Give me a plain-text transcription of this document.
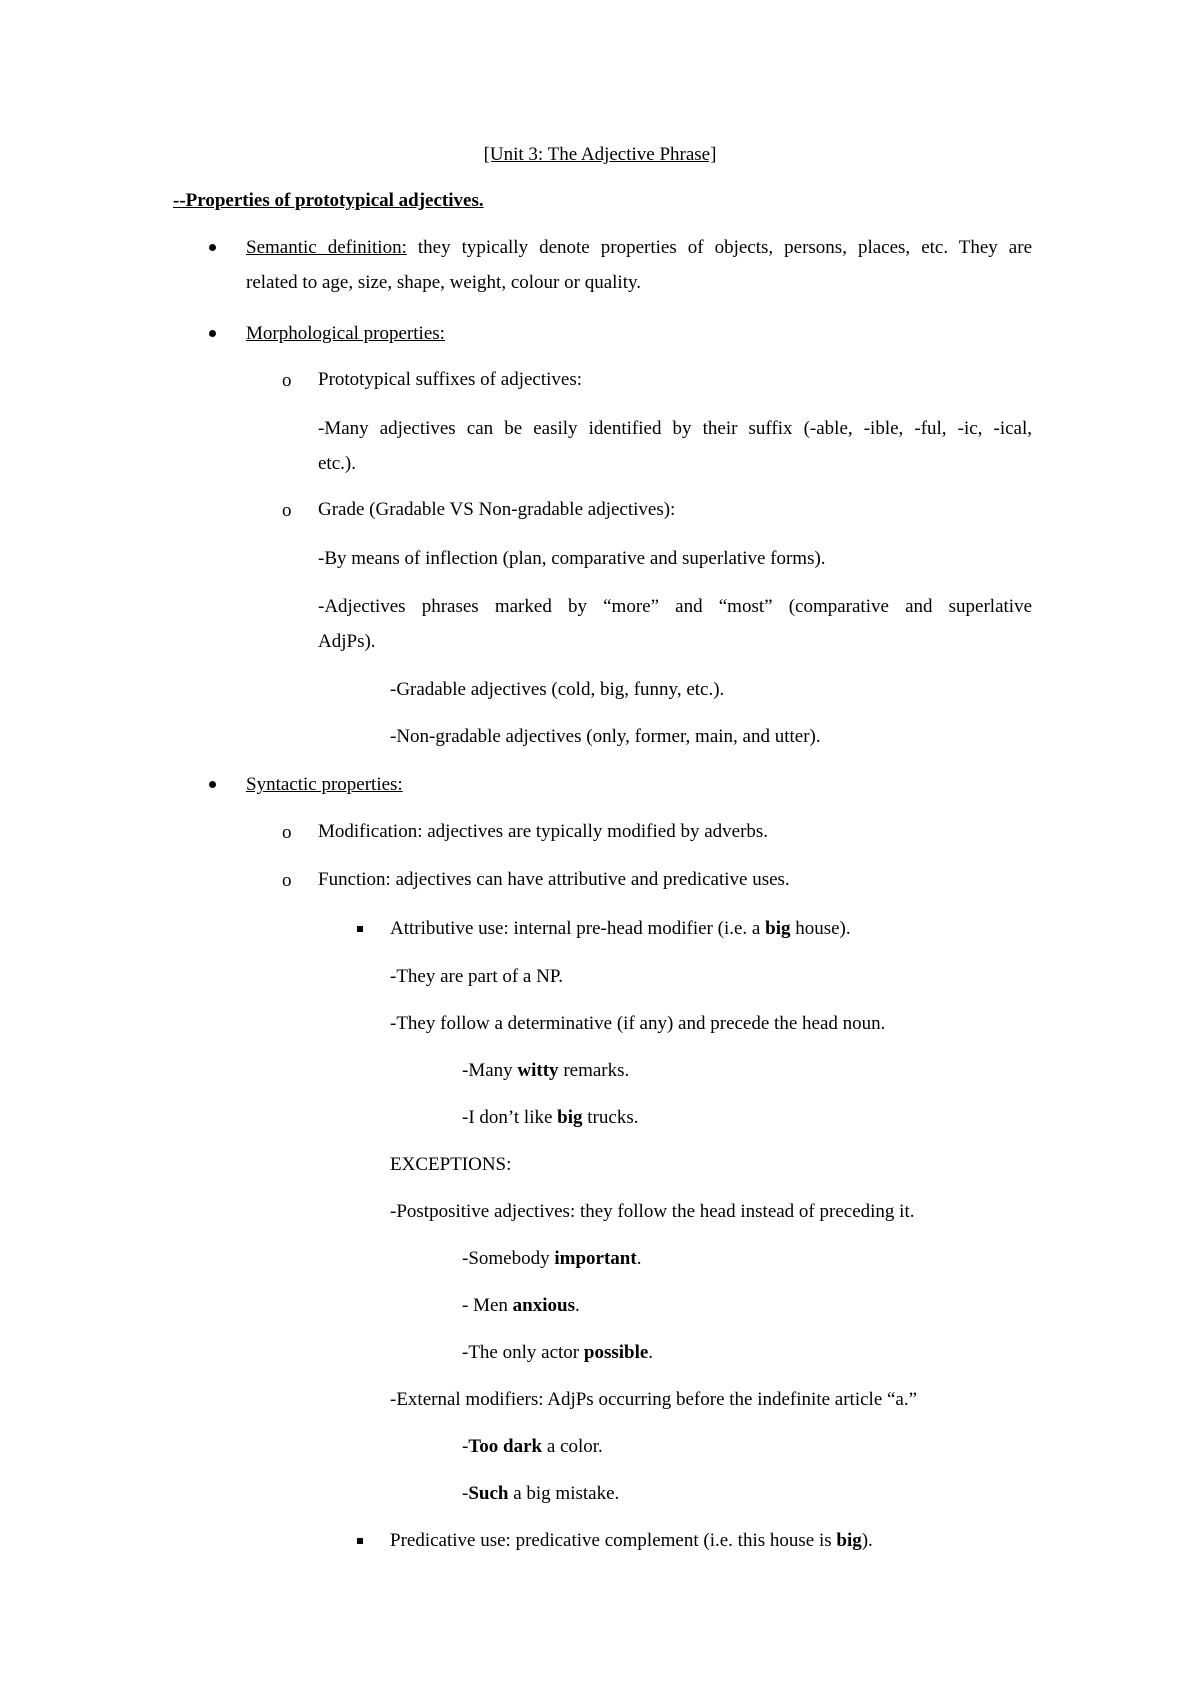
[Unit 3: The Adjective Phrase]
--Properties of prototypical adjectives.
Semantic definition: they typically denote properties of objects, persons, places, etc. They are
related to age, size, shape, weight, colour or quality.
Morphological properties:
o Prototypical suffixes of adjectives:
-Many adjectives can be easily identified by their suffix (-able, -ible, -ful, -ic, -ical,
etc.).
o Grade (Gradable VS Non-gradable adjectives):
-By means of inflection (plan, comparative and superlative forms).
-Adjectives phrases marked by “more” and “most” (comparative and superlative
AdjPs).
-Gradable adjectives (cold, big, funny, etc.).
-Non-gradable adjectives (only, former, main, and utter).
Syntactic properties:
o Modification: adjectives are typically modified by adverbs.
o Function: adjectives can have attributive and predicative uses.
Attributive use: internal pre-head modifier (i.e. a big house).
-They are part of a NP.
-They follow a determinative (if any) and precede the head noun.
-Many witty remarks.
-I don’t like big trucks.
EXCEPTIONS:
-Postpositive adjectives: they follow the head instead of preceding it.
-Somebody important.
- Men anxious.
-The only actor possible.
-External modifiers: AdjPs occurring before the indefinite article “a.”
-Too dark a color.
-Such a big mistake.
Predicative use: predicative complement (i.e. this house is big).
